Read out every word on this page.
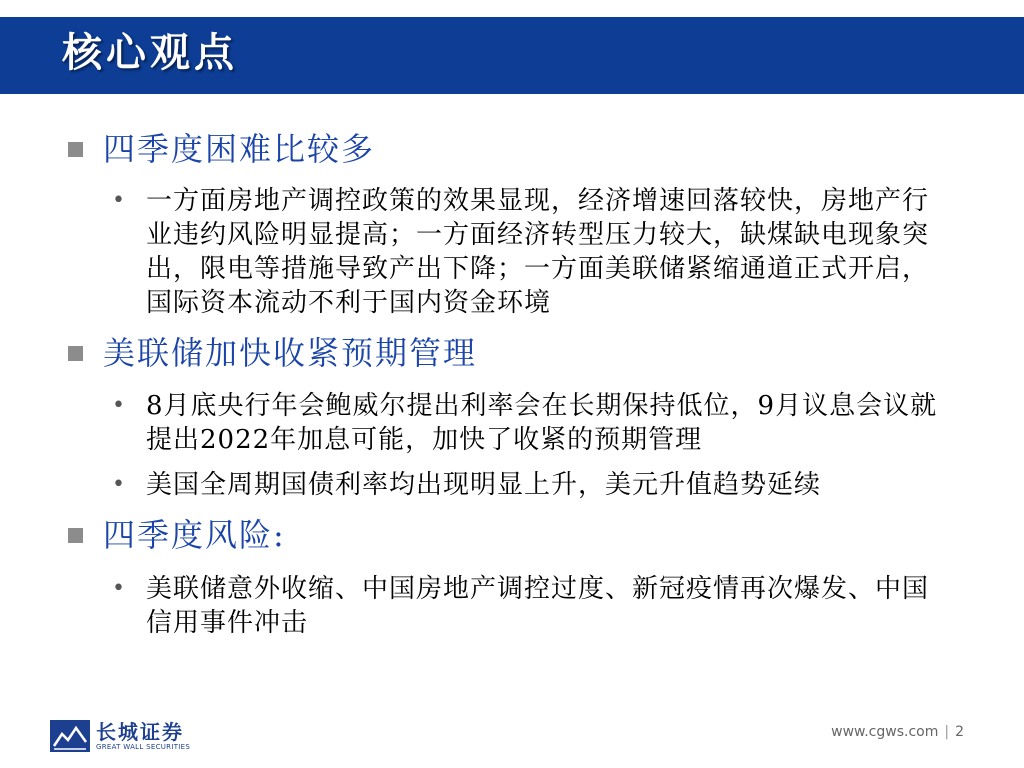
核心观点
四季度困难比较多
• 一方面房地产调控政策的效果显现，经济增速回落较快，房地产行业违约风险明显提高；一方面经济转型压力较大，缺煤缺电现象突出，限电等措施导致产出下降；一方面美联储紧缩通道正式开启，国际资本流动不利于国内资金环境
美联储加快收紧预期管理
• 8月底央行年会鲍威尔提出利率会在长期保持低位，9月议息会议就提出2022年加息可能，加快了收紧的预期管理
• 美国全周期国债利率均出现明显上升，美元升值趋势延续
四季度风险:
• 美联储意外收缩、中国房地产调控过度、新冠疫情再次爆发、中国信用事件冲击
长城证券
GREAT WALL SECURITIES
www.cgws.com | 2
